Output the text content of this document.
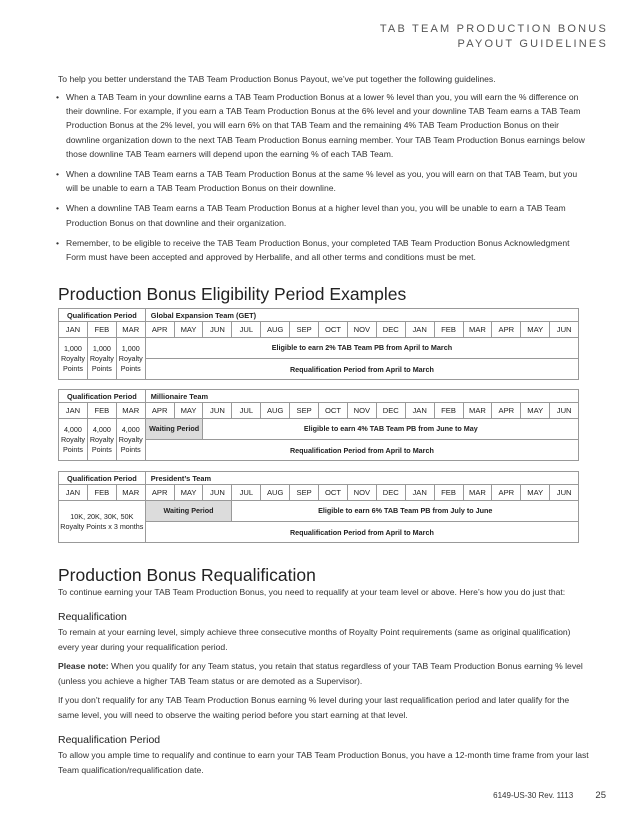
TAB TEAM PRODUCTION BONUS
PAYOUT GUIDELINES
To help you better understand the TAB Team Production Bonus Payout, we’ve put together the following guidelines.
• When a TAB Team in your downline earns a TAB Team Production Bonus at a lower % level than you, you will earn the % difference on their downline. For example, if you earn a TAB Team Production Bonus at the 6% level and your downline TAB Team earns a TAB Team Production Bonus at the 2% level, you will earn 6% on that TAB Team and the remaining 4% TAB Team Production Bonus on their downline organization down to the next TAB Team Production Bonus earning member. Your TAB Team Production Bonus earnings below those downline TAB Team earners will depend upon the earning % of each TAB Team.
• When a downline TAB Team earns a TAB Team Production Bonus at the same % level as you, you will earn on that TAB Team, but you will be unable to earn a TAB Team Production Bonus on their downline.
• When a downline TAB Team earns a TAB Team Production Bonus at a higher level than you, you will be unable to earn a TAB Team Production Bonus on that downline and their organization.
• Remember, to be eligible to receive the TAB Team Production Bonus, your completed TAB Team Production Bonus Acknowledgment Form must have been accepted and approved by Herbalife, and all other terms and conditions must be met.
Production Bonus Eligibility Period Examples
Qualification Period			Global Expansion Team (GET)														
JAN	FEB	MAR	APR	MAY	JUN	JUL	AUG	SEP	OCT	NOV	DEC	JAN	FEB	MAR	APR	MAY	JUN
1,000 Royalty Points	1,000 Royalty Points	1,000 Royalty Points	Eligible to earn 2% TAB Team PB from April to March														
			Requalification Period from April to March														
Qualification Period			Millionaire Team														
JAN	FEB	MAR	APR	MAY	JUN	JUL	AUG	SEP	OCT	NOV	DEC	JAN	FEB	MAR	APR	MAY	JUN
4,000 Royalty Points	4,000 Royalty Points	4,000 Royalty Points	Waiting Period		Eligible to earn 4% TAB Team PB from June to May												
			Requalification Period from April to March														
Qualification Period			President’s Team														
JAN	FEB	MAR	APR	MAY	JUN	JUL	AUG	SEP	OCT	NOV	DEC	JAN	FEB	MAR	APR	MAY	JUN
10K, 20K, 30K, 50K Royalty Points x 3 months			Waiting Period			Eligible to earn 6% TAB Team PB from July to June											
			Requalification Period from April to March														
Production Bonus Requalification

To continue earning your TAB Team Production Bonus, you need to requalify at your team level or above. Here’s how you do just that:

Requalification

To remain at your earning level, simply achieve three consecutive months of Royalty Point requirements (same as original qualification) every year during your requalification period.

Please note: When you qualify for any Team status, you retain that status regardless of your TAB Team Production Bonus earning % level (unless you achieve a higher TAB Team status or are demoted as a Supervisor).

If you don’t requalify for any TAB Team Production Bonus earning % level during your last requalification period and later qualify for the same level, you will need to observe the waiting period before you start earning at that level.

Requalification Period

To allow you ample time to requalify and continue to earn your TAB Team Production Bonus, you have a 12-month time frame from your last Team qualification/requalification date.

6149-US-30 Rev. 1113 25
